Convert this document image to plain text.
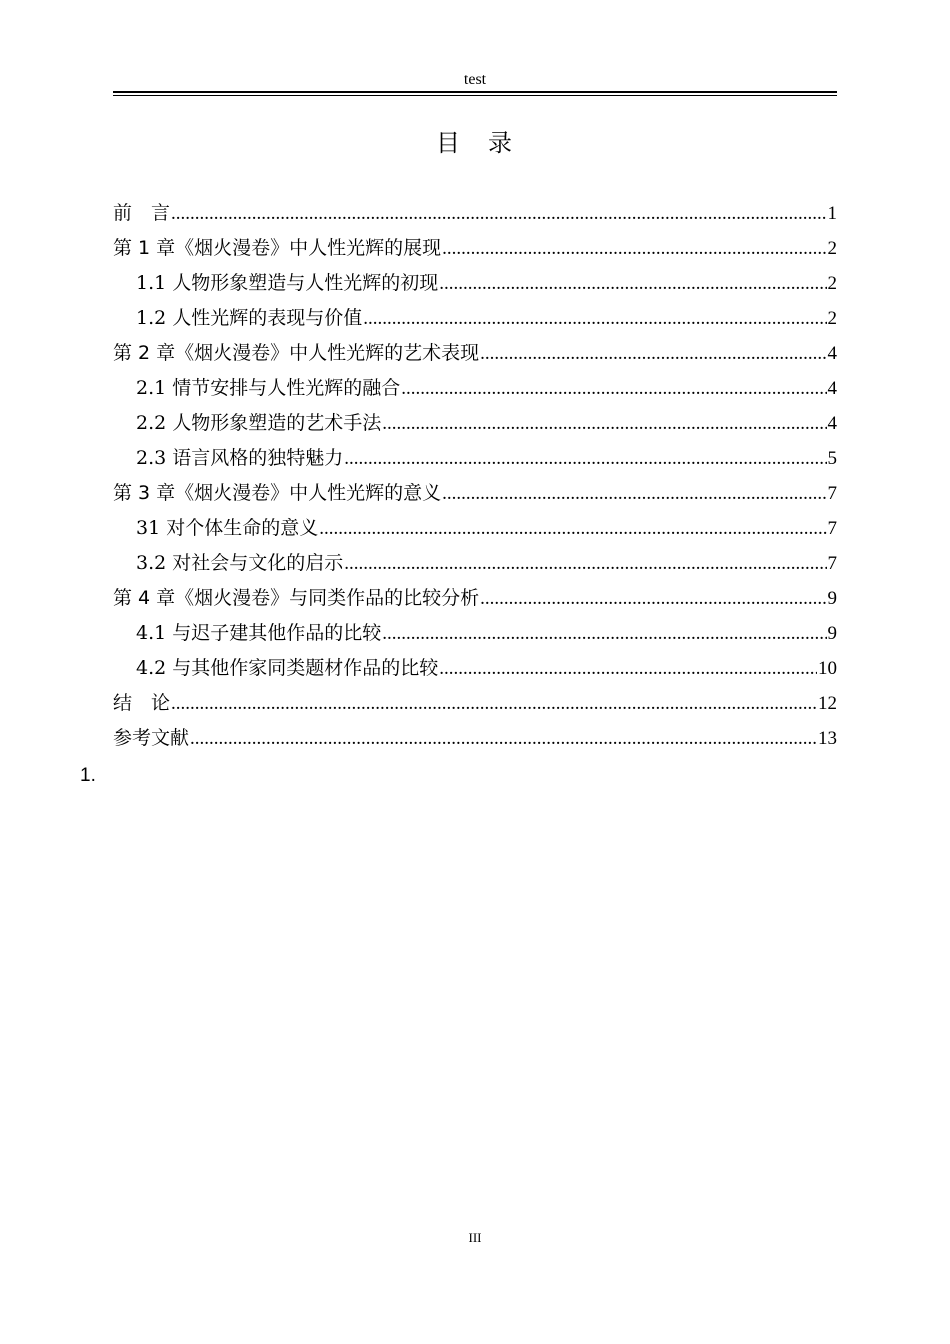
test
目　录
前　言 .....	1
第 1 章《烟火漫卷》中人性光辉的展现 .....	2
1.1 人物形象塑造与人性光辉的初现 .....	2
1.2 人性光辉的表现与价值 .....	2
第 2 章《烟火漫卷》中人性光辉的艺术表现 .....	4
2.1 情节安排与人性光辉的融合 .....	4
2.2 人物形象塑造的艺术手法 .....	4
2.3 语言风格的独特魅力 .....	5
第 3 章《烟火漫卷》中人性光辉的意义 .....	7
31 对个体生命的意义 .....	7
3.2 对社会与文化的启示 .....	7
第 4 章《烟火漫卷》与同类作品的比较分析 .....	9
4.1 与迟子建其他作品的比较 .....	9
4.2 与其他作家同类题材作品的比较 .....	10
结　论 .....	12
参考文献 .....	13
1.
III
